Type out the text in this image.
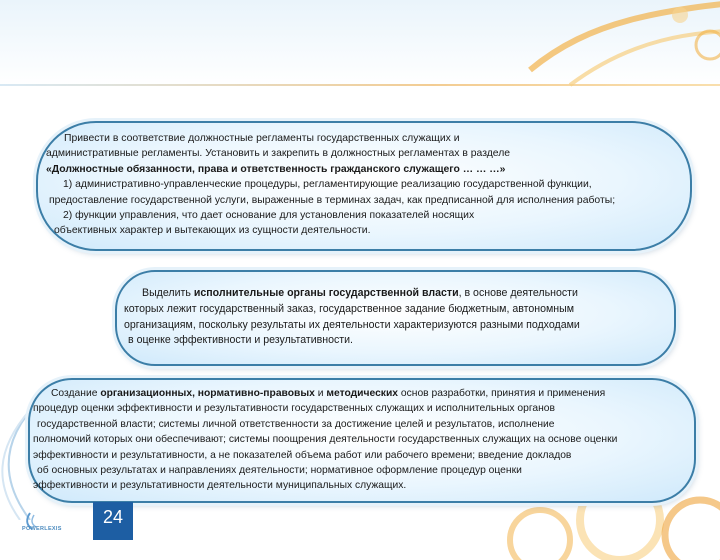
Привести в соответствие должностные регламенты государственных служащих и
административные регламенты. Установить и закрепить в должностных регламентах в разделе
«Должностные обязанности, права и ответственность гражданского служащего … … …»
1) административно-управленческие процедуры, регламентирующие реализацию государственной функции,
предоставление государственной услуги, выраженные в терминах задач, как предписанной для исполнения работы;
2) функции управления, что дает основание для установления показателей носящих
объективных характер и вытекающих из сущности деятельности.
Выделить исполнительные органы государственной власти, в основе деятельности
которых лежит государственный заказ, государственное задание бюджетным, автономным
организациям, поскольку результаты их деятельности характеризуются разными подходами
в оценке эффективности и результативности.
Создание организационных, нормативно-правовых и методических основ разработки, принятия и применения
процедур оценки эффективности и результативности государственных служащих и исполнительных органов
государственной власти; системы личной ответственности за достижение целей и результатов, исполнение
полномочий которых они обеспечивают; системы поощрения деятельности государственных служащих на основе оценки
эффективности и результативности, а не показателей объема работ или рабочего времени; введение докладов
об основных результатах и направлениях деятельности; нормативное оформление процедур оценки
эффективности и результативности деятельности муниципальных служащих.
POWERLEXIS
24
